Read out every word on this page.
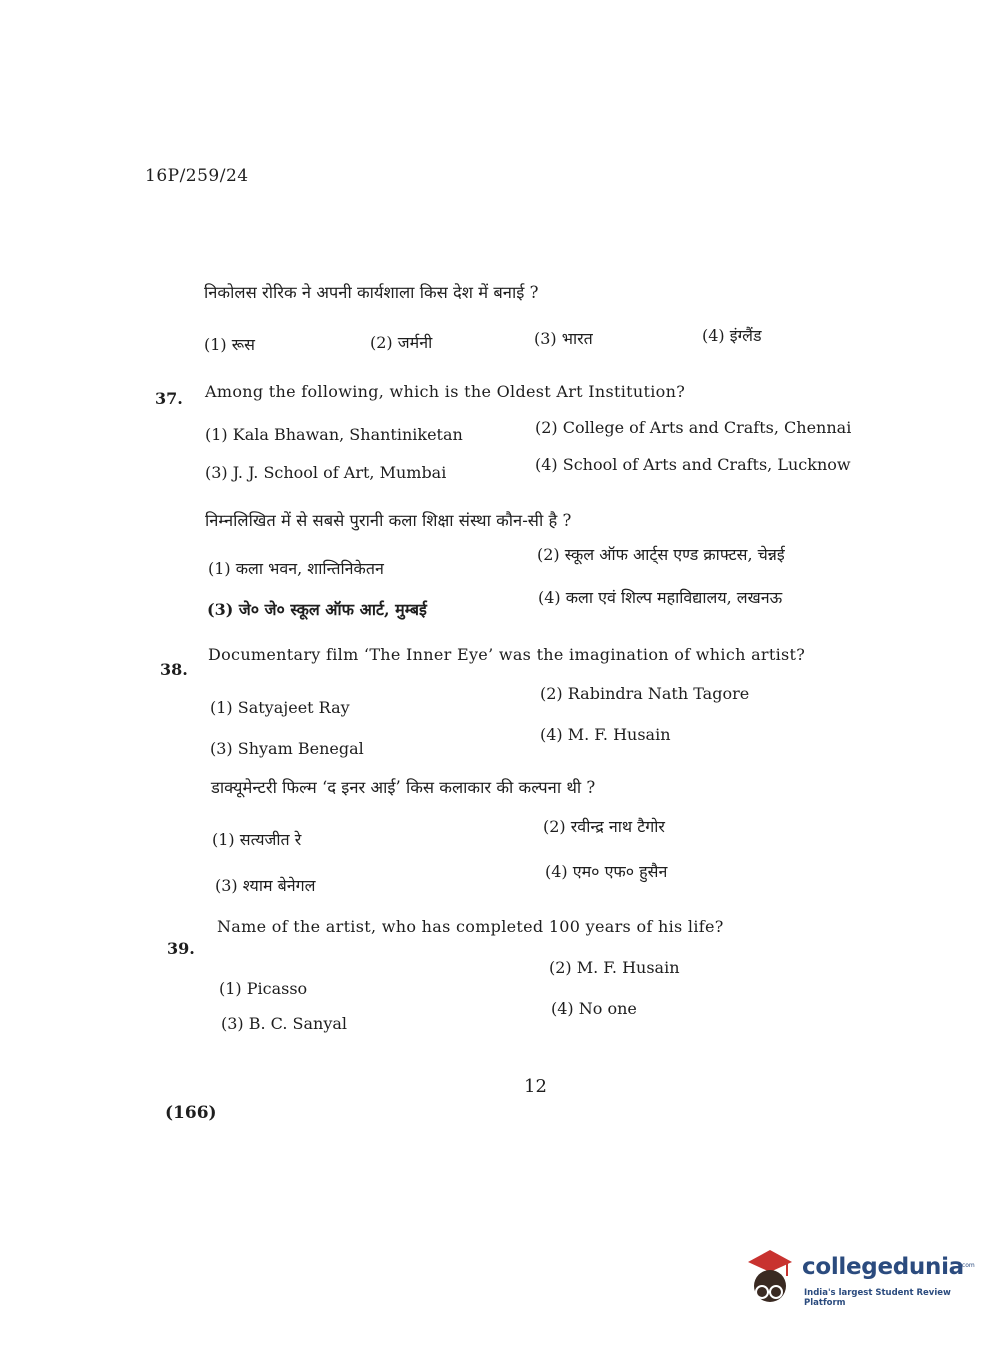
16P/259/24
निकोलस रोरिक ने अपनी कार्यशाला किस देश में बनाई ?
(1) रूस	(2) जर्मनी	(3) भारत	(4) इंग्लैंड
37. Among the following, which is the Oldest Art Institution?
(1) Kala Bhawan, Shantiniketan	(2) College of Arts and Crafts, Chennai
(3) J. J. School of Art, Mumbai	(4) School of Arts and Crafts, Lucknow
निम्नलिखित में से सबसे पुरानी कला शिक्षा संस्था कौन-सी है ?
(1) कला भवन, शान्तिनिकेतन
(2) स्कूल ऑफ आर्ट्स एण्ड क्राफ्टस, चेन्नई
(3) जे० जे० स्कूल ऑफ आर्ट, मुम्बई
(4) कला एवं शिल्प महाविद्यालय, लखनऊ
38.
Documentary film ‘The Inner Eye’ was the imagination of which artist?
(1) Satyajeet Ray
(2) Rabindra Nath Tagore
(3) Shyam Benegal
(4) M. F. Husain
डाक्यूमेन्टरी फिल्म ‘द इनर आई’ किस कलाकार की कल्पना थी ?
(1) सत्यजीत रे
(2) रवीन्द्र नाथ टैगोर
(3) श्याम बेनेगल
(4) एम० एफ० हुसैन
39.
Name of the artist, who has completed 100 years of his life?
(1) Picasso
(2) M. F. Husain
(3) B. C. Sanyal
(4) No one
12
(166)
collegedunia
.com
India's largest Student Review Platform
